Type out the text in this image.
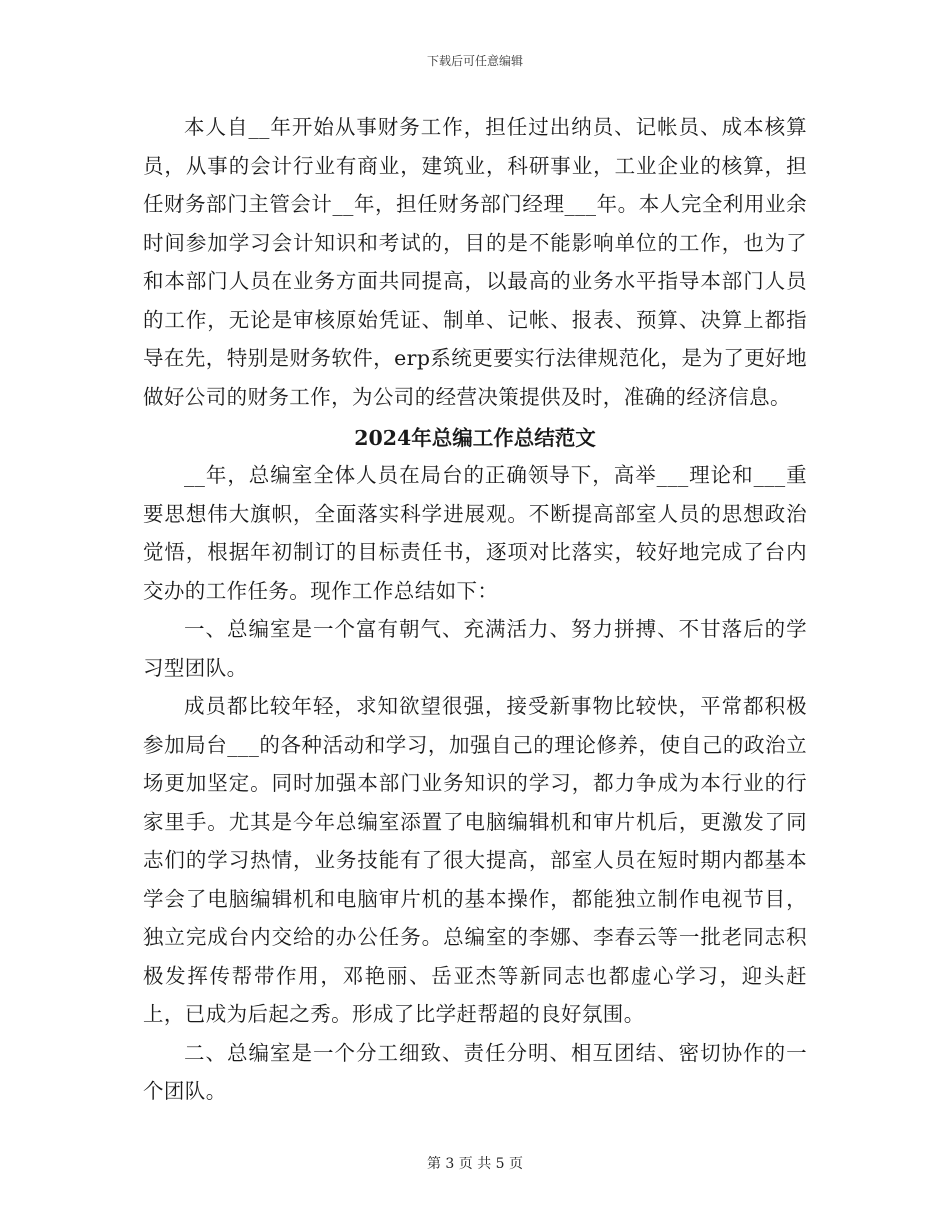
下载后可任意编辑

本人自__年开始从事财务工作，担任过出纳员、记帐员、成本核算员，从事的会计行业有商业，建筑业，科研事业，工业企业的核算，担任财务部门主管会计__年，担任财务部门经理___年。本人完全利用业余时间参加学习会计知识和考试的，目的是不能影响单位的工作，也为了和本部门人员在业务方面共同提高，以最高的业务水平指导本部门人员的工作，无论是审核原始凭证、制单、记帐、报表、预算、决算上都指导在先，特别是财务软件，erp系统更要实行法律规范化，是为了更好地做好公司的财务工作，为公司的经营决策提供及时，准确的经济信息。

2024年总编工作总结范文

__年，总编室全体人员在局台的正确领导下，高举___理论和___重要思想伟大旗帜，全面落实科学进展观。不断提高部室人员的思想政治觉悟，根据年初制订的目标责任书，逐项对比落实，较好地完成了台内交办的工作任务。现作工作总结如下：

一、总编室是一个富有朝气、充满活力、努力拼搏、不甘落后的学习型团队。

成员都比较年轻，求知欲望很强，接受新事物比较快，平常都积极参加局台___的各种活动和学习，加强自己的理论修养，使自己的政治立场更加坚定。同时加强本部门业务知识的学习，都力争成为本行业的行家里手。尤其是今年总编室添置了电脑编辑机和审片机后，更激发了同志们的学习热情，业务技能有了很大提高，部室人员在短时期内都基本学会了电脑编辑机和电脑审片机的基本操作，都能独立制作电视节目，独立完成台内交给的办公任务。总编室的李娜、李春云等一批老同志积极发挥传帮带作用，邓艳丽、岳亚杰等新同志也都虚心学习，迎头赶上，已成为后起之秀。形成了比学赶帮超的良好氛围。

二、总编室是一个分工细致、责任分明、相互团结、密切协作的一个团队。

第 3 页 共 5 页
